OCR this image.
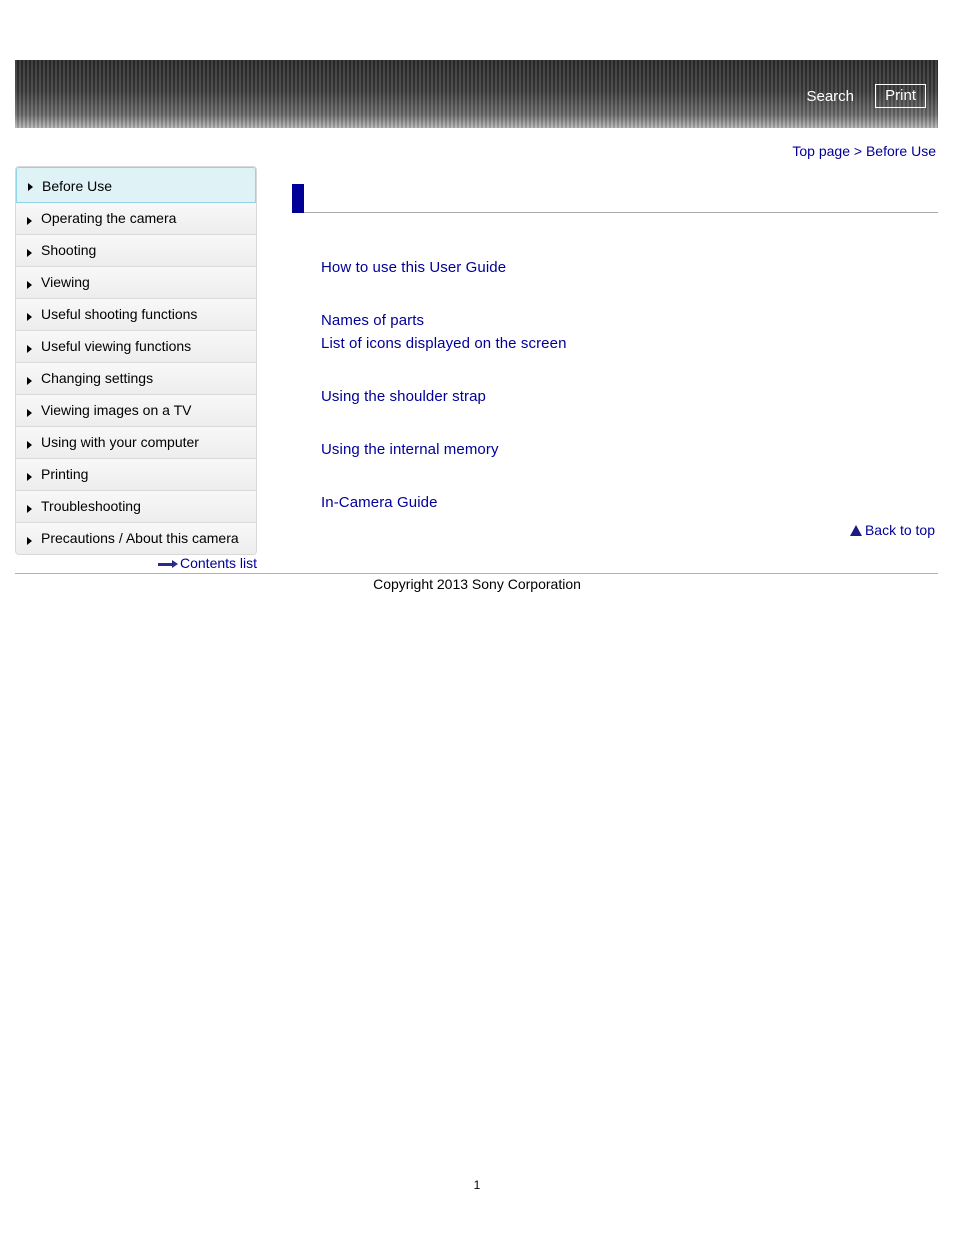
Search	Print
Top page > Before Use
Before Use
Operating the camera
Shooting
Viewing
Useful shooting functions
Useful viewing functions
Changing settings
Viewing images on a TV
Using with your computer
Printing
Troubleshooting
Precautions / About this camera
Contents list
How to use this User Guide
Names of parts
List of icons displayed on the screen
Using the shoulder strap
Using the internal memory
In-Camera Guide
Back to top
Copyright 2013 Sony Corporation
1
